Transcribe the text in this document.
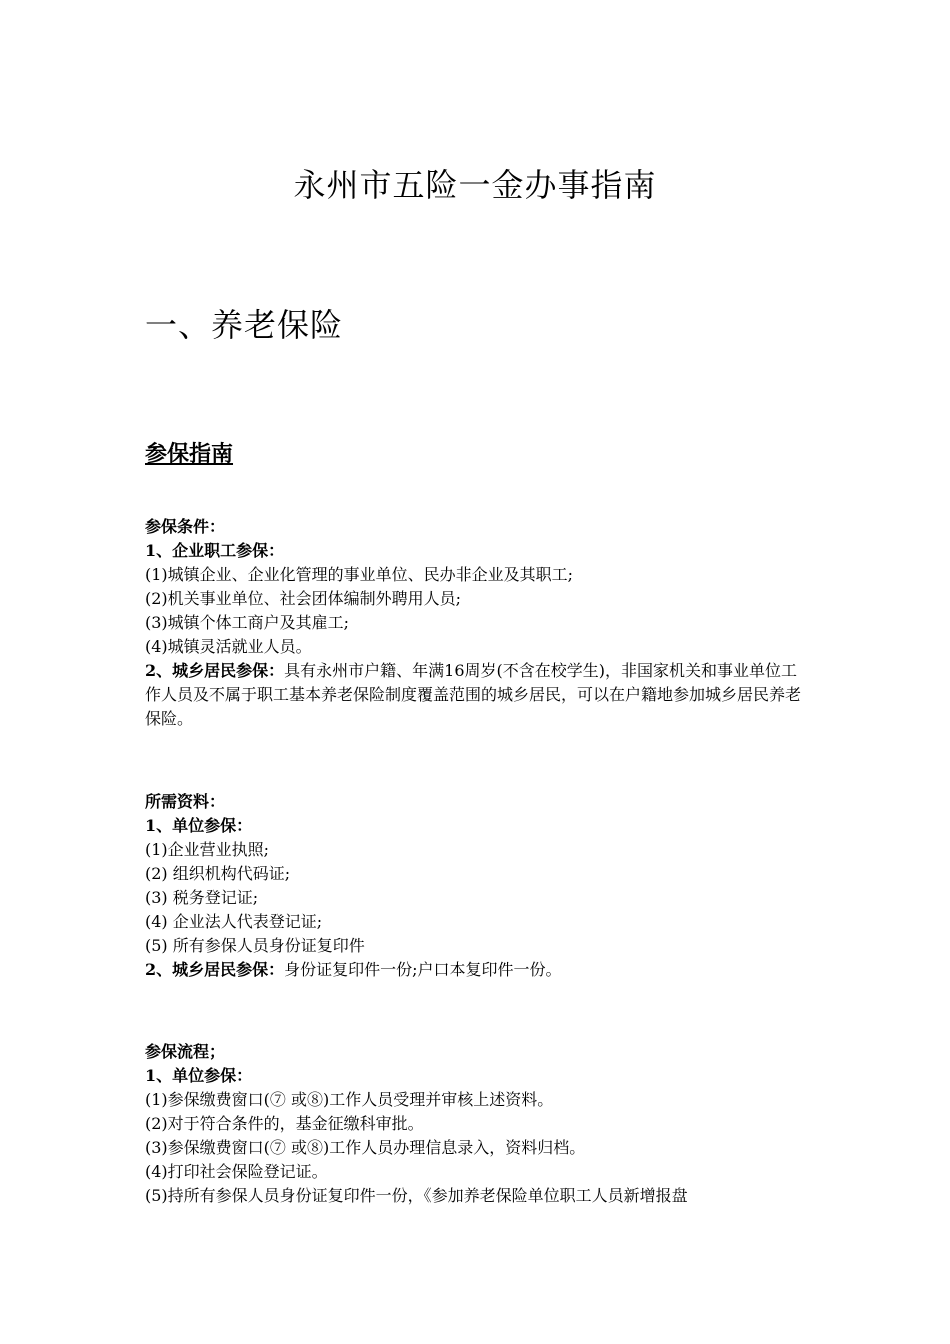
永州市五险一金办事指南
一、养老保险
参保指南

参保条件：

1、企业职工参保：

(1)城镇企业、企业化管理的事业单位、民办非企业及其职工;

(2)机关事业单位、社会团体编制外聘用人员;

(3)城镇个体工商户及其雇工;

(4)城镇灵活就业人员。

2、城乡居民参保：具有永州市户籍、年满16周岁(不含在校学生)，非国家机关和事业单位工作人员及不属于职工基本养老保险制度覆盖范围的城乡居民，可以在户籍地参加城乡居民养老保险。

所需资料：

1、单位参保：

(1)企业营业执照;

(2) 组织机构代码证;

(3) 税务登记证;

(4) 企业法人代表登记证;

(5) 所有参保人员身份证复印件

2、城乡居民参保：身份证复印件一份;户口本复印件一份。

参保流程；

1、单位参保：

(1)参保缴费窗口(⑦ 或⑧)工作人员受理并审核上述资料。

(2)对于符合条件的，基金征缴科审批。

(3)参保缴费窗口(⑦ 或⑧)工作人员办理信息录入，资料归档。

(4)打印社会保险登记证。

(5)持所有参保人员身份证复印件一份，《参加养老保险单位职工人员新增报盘
